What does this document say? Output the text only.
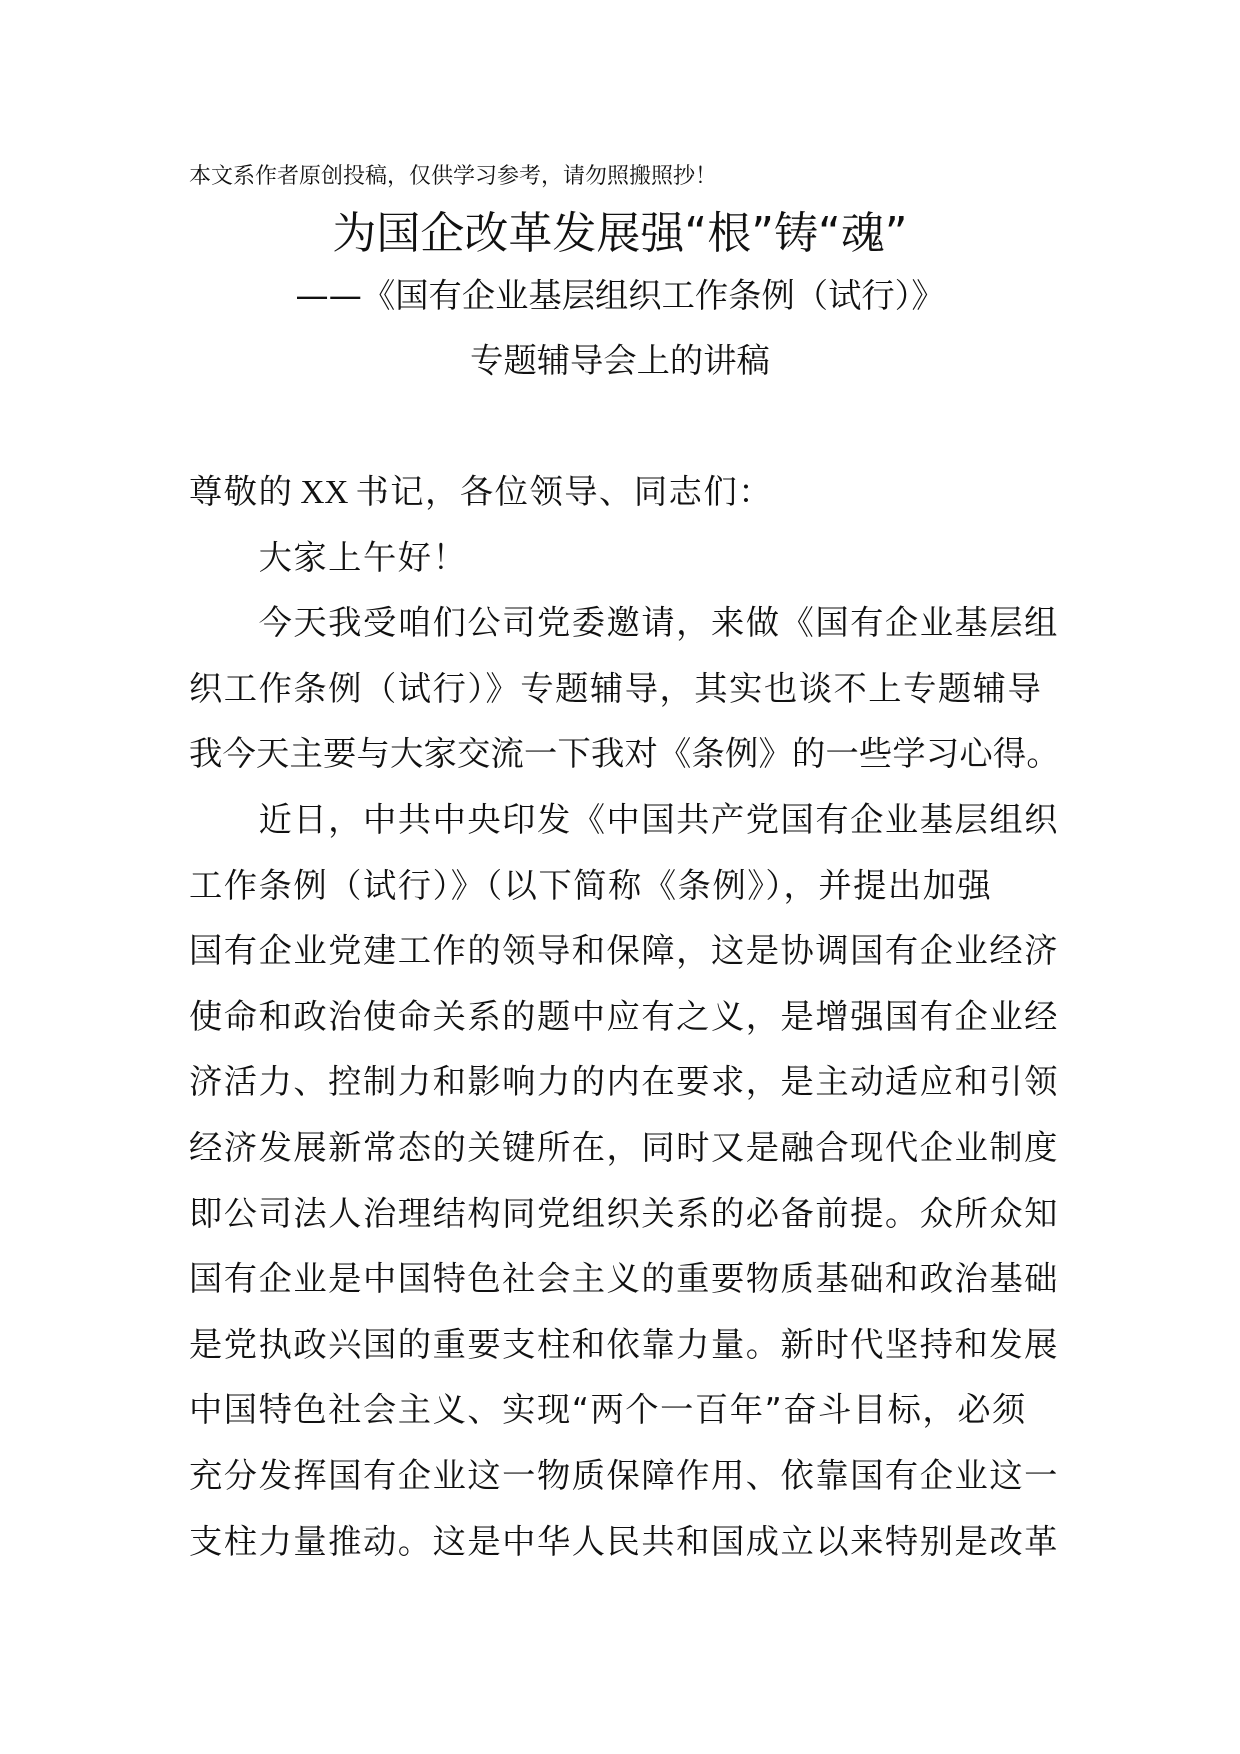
本文系作者原创投稿，仅供学习参考，请勿照搬照抄！
为国企改革发展强“根”铸“魂”
——《国有企业基层组织工作条例（试行）》
专题辅导会上的讲稿
尊敬的 XX 书记，各位领导、同志们：
大家上午好！
今天我受咱们公司党委邀请，来做《国有企业基层组
织工作条例（试行）》专题辅导，其实也谈不上专题辅导
我今天主要与大家交流一下我对《条例》的一些学习心得。
近日，中共中央印发《中国共产党国有企业基层组织
工作条例（试行）》（以下简称《条例》），并提出加强
国有企业党建工作的领导和保障，这是协调国有企业经济
使命和政治使命关系的题中应有之义，是增强国有企业经
济活力、控制力和影响力的内在要求，是主动适应和引领
经济发展新常态的关键所在，同时又是融合现代企业制度
即公司法人治理结构同党组织关系的必备前提。众所众知
国有企业是中国特色社会主义的重要物质基础和政治基础
是党执政兴国的重要支柱和依靠力量。新时代坚持和发展
中国特色社会主义、实现“两个一百年”奋斗目标，必须
充分发挥国有企业这一物质保障作用、依靠国有企业这一
支柱力量推动。这是中华人民共和国成立以来特别是改革
